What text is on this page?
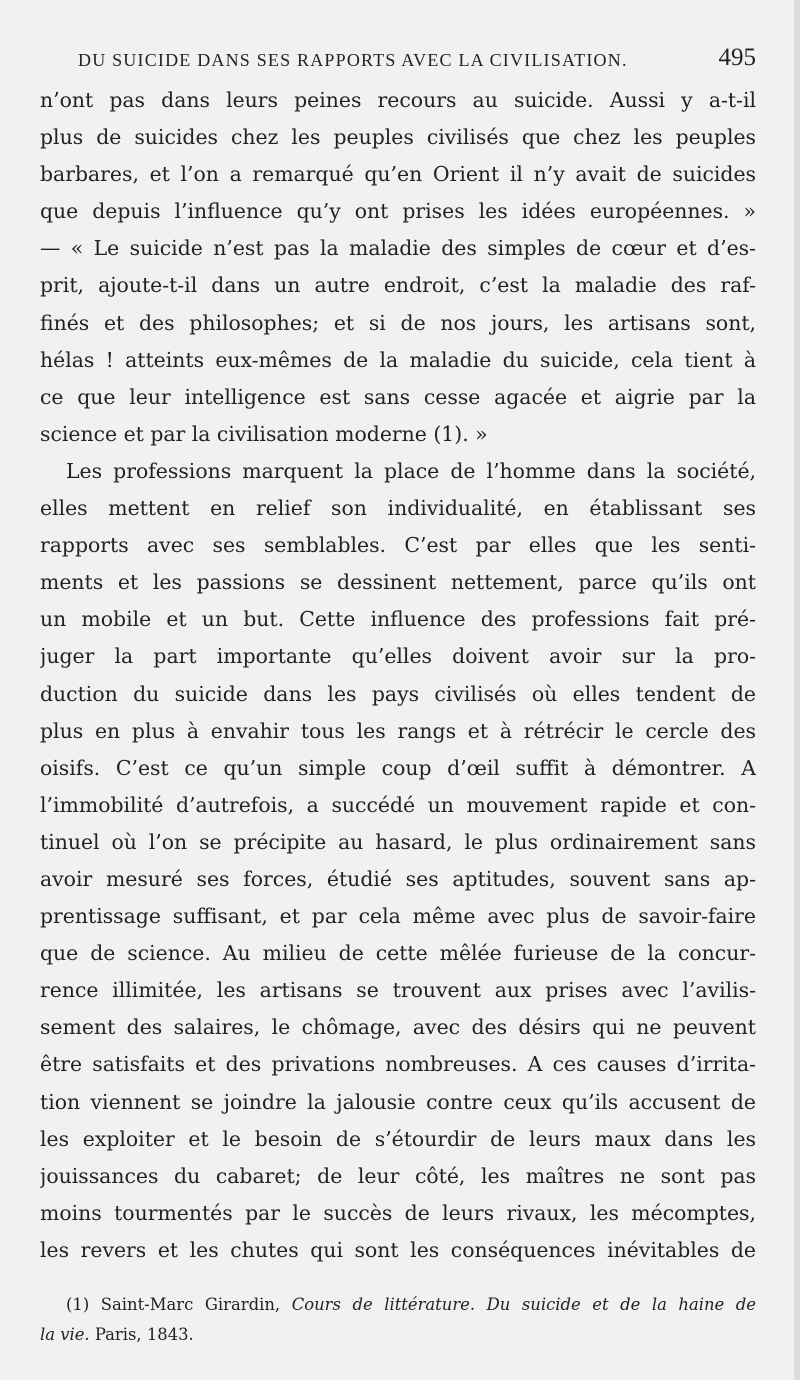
DU SUICIDE DANS SES RAPPORTS AVEC LA CIVILISATION.	495
n’ont pas dans leurs peines recours au suicide. Aussi y a-t-il
plus de suicides chez les peuples civilisés que chez les peuples
barbares, et l’on a remarqué qu’en Orient il n’y avait de suicides
que depuis l’influence qu’y ont prises les idées européennes. »
— « Le suicide n’est pas la maladie des simples de cœur et d’es-
prit, ajoute-t-il dans un autre endroit, c’est la maladie des raf-
finés et des philosophes; et si de nos jours, les artisans sont,
hélas ! atteints eux-mêmes de la maladie du suicide, cela tient à
ce que leur intelligence est sans cesse agacée et aigrie par la
science et par la civilisation moderne (1). »
Les professions marquent la place de l’homme dans la société,
elles mettent en relief son individualité, en établissant ses
rapports avec ses semblables. C’est par elles que les senti-
ments et les passions se dessinent nettement, parce qu’ils ont
un mobile et un but. Cette influence des professions fait pré-
juger la part importante qu’elles doivent avoir sur la pro-
duction du suicide dans les pays civilisés où elles tendent de
plus en plus à envahir tous les rangs et à rétrécir le cercle des
oisifs. C’est ce qu’un simple coup d’œil suffit à démontrer. A
l’immobilité d’autrefois, a succédé un mouvement rapide et con-
tinuel où l’on se précipite au hasard, le plus ordinairement sans
avoir mesuré ses forces, étudié ses aptitudes, souvent sans ap-
prentissage suffisant, et par cela même avec plus de savoir-faire
que de science. Au milieu de cette mêlée furieuse de la concur-
rence illimitée, les artisans se trouvent aux prises avec l’avilis-
sement des salaires, le chômage, avec des désirs qui ne peuvent
être satisfaits et des privations nombreuses. A ces causes d’irrita-
tion viennent se joindre la jalousie contre ceux qu’ils accusent de
les exploiter et le besoin de s’étourdir de leurs maux dans les
jouissances du cabaret; de leur côté, les maîtres ne sont pas
moins tourmentés par le succès de leurs rivaux, les mécomptes,
les revers et les chutes qui sont les conséquences inévitables de
(1) Saint-Marc Girardin, Cours de littérature. Du suicide et de la haine de
la vie. Paris, 1843.
